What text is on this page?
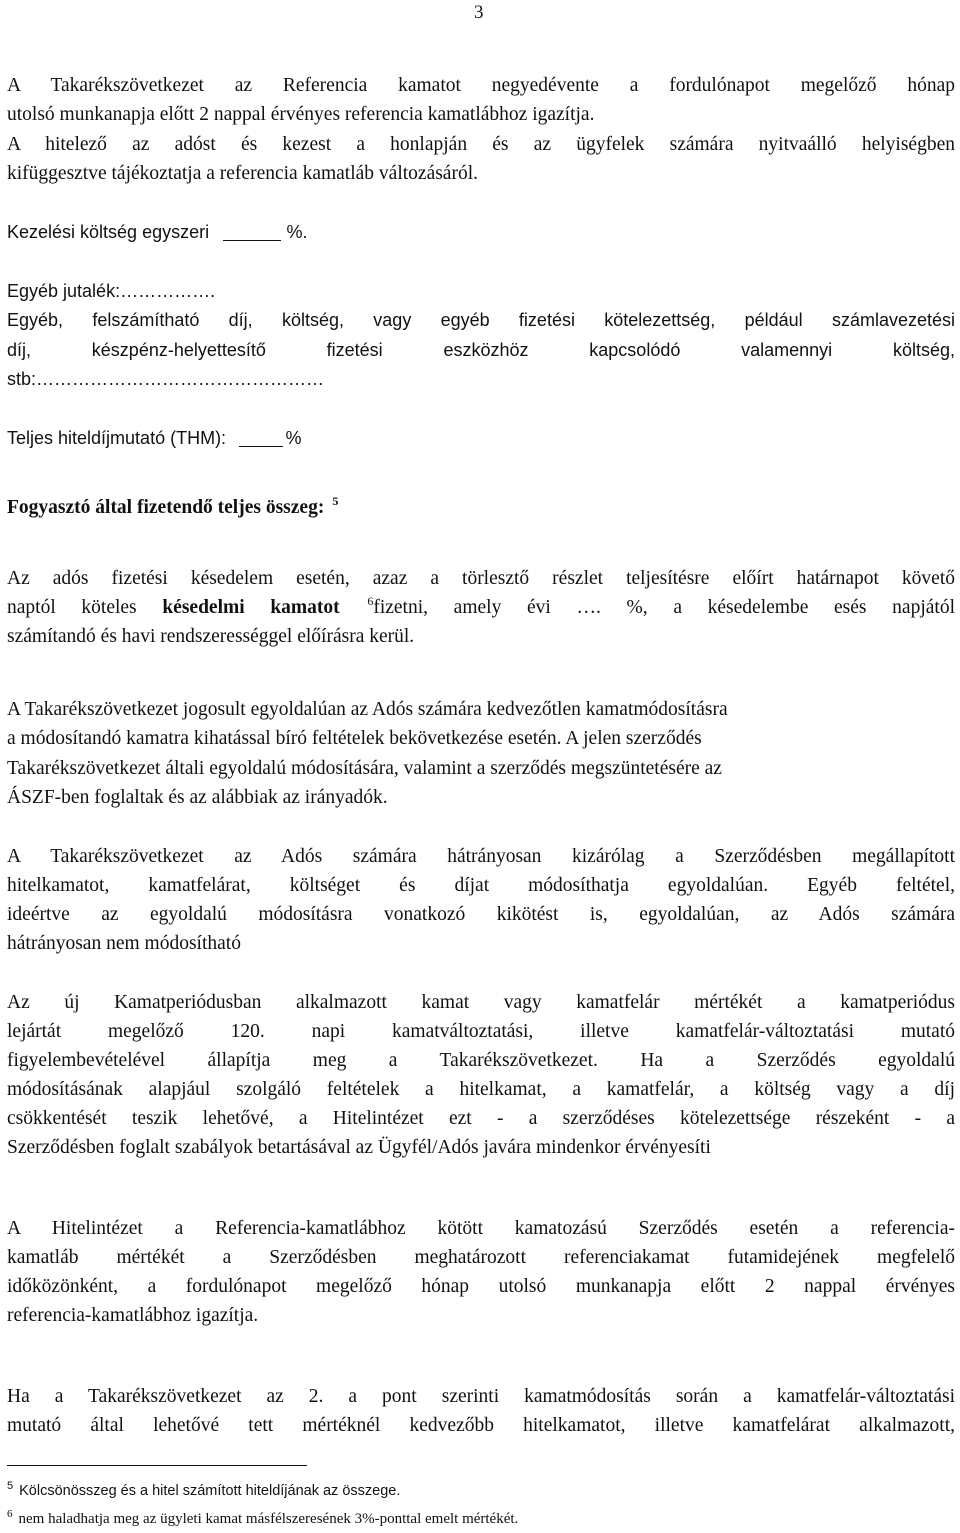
3
A Takarékszövetkezet az Referencia kamatot negyedévente a fordulónapot megelőző hónap
utolsó munkanapja előtt 2 nappal érvényes referencia kamatlábhoz igazítja.
A hitelező az adóst és kezest a honlapján és az ügyfelek számára nyitvaálló helyiségben
kifüggesztve tájékoztatja a referencia kamatláb változásáról.
Kezelési költség egyszeri	%.
Egyéb jutalék:…………….
Egyéb, felszámítható díj, költség, vagy egyéb fizetési kötelezettség, például számlavezetési
díj, készpénz-helyettesítő fizetési eszközhöz kapcsolódó valamennyi költség,
stb:…………………………………………
Teljes hiteldíjmutató (THM):	%
Fogyasztó által fizetendő teljes összeg: $^5$
Az adós fizetési késedelem esetén, azaz a törlesztő részlet teljesítésre előírt határnapot követő
naptól köteles késedelmi kamatot $^6$fizetni, amely évi …. %, a késedelembe esés napjától
számítandó és havi rendszerességgel előírásra kerül.
A Takarékszövetkezet jogosult egyoldalúan az Adós számára kedvezőtlen kamatmódosításra
a módosítandó kamatra kihatással bíró feltételek bekövetkezése esetén. A jelen szerződés
Takarékszövetkezet általi egyoldalú módosítására, valamint a szerződés megszüntetésére az
ÁSZF-ben foglaltak és az alábbiak az irányadók.
A Takarékszövetkezet az Adós számára hátrányosan kizárólag a Szerződésben megállapított
hitelkamatot, kamatfelárat, költséget és díjat módosíthatja egyoldalúan. Egyéb feltétel,
ideértve az egyoldalú módosításra vonatkozó kikötést is, egyoldalúan, az Adós számára
hátrányosan nem módosítható
Az új Kamatperiódusban alkalmazott kamat vagy kamatfelár mértékét a kamatperiódus
lejártát megelőző 120. napi kamatváltoztatási, illetve kamatfelár-változtatási mutató
figyelembevételével állapítja meg a Takarékszövetkezet. Ha a Szerződés egyoldalú
módosításának alapjául szolgáló feltételek a hitelkamat, a kamatfelár, a költség vagy a díj
csökkentését teszik lehetővé, a Hitelintézet ezt - a szerződéses kötelezettsége részeként - a
Szerződésben foglalt szabályok betartásával az Ügyfél/Adós javára mindenkor érvényesíti
A Hitelintézet a Referencia-kamatlábhoz kötött kamatozású Szerződés esetén a referencia-
kamatláb mértékét a Szerződésben meghatározott referenciakamat futamidejének megfelelő
időközönként, a fordulónapot megelőző hónap utolsó munkanapja előtt 2 nappal érvényes
referencia-kamatlábhoz igazítja.
Ha a Takarékszövetkezet az 2. a pont szerinti kamatmódosítás során a kamatfelár-változtatási
mutató által lehetővé tett mértéknél kedvezőbb hitelkamatot, illetve kamatfelárat alkalmazott,
$^5$ Kölcsönösszeg és a hitel számított hiteldíjának az összege.
$^6$ nem haladhatja meg az ügyleti kamat másfélszeresének 3%-ponttal emelt mértékét.
